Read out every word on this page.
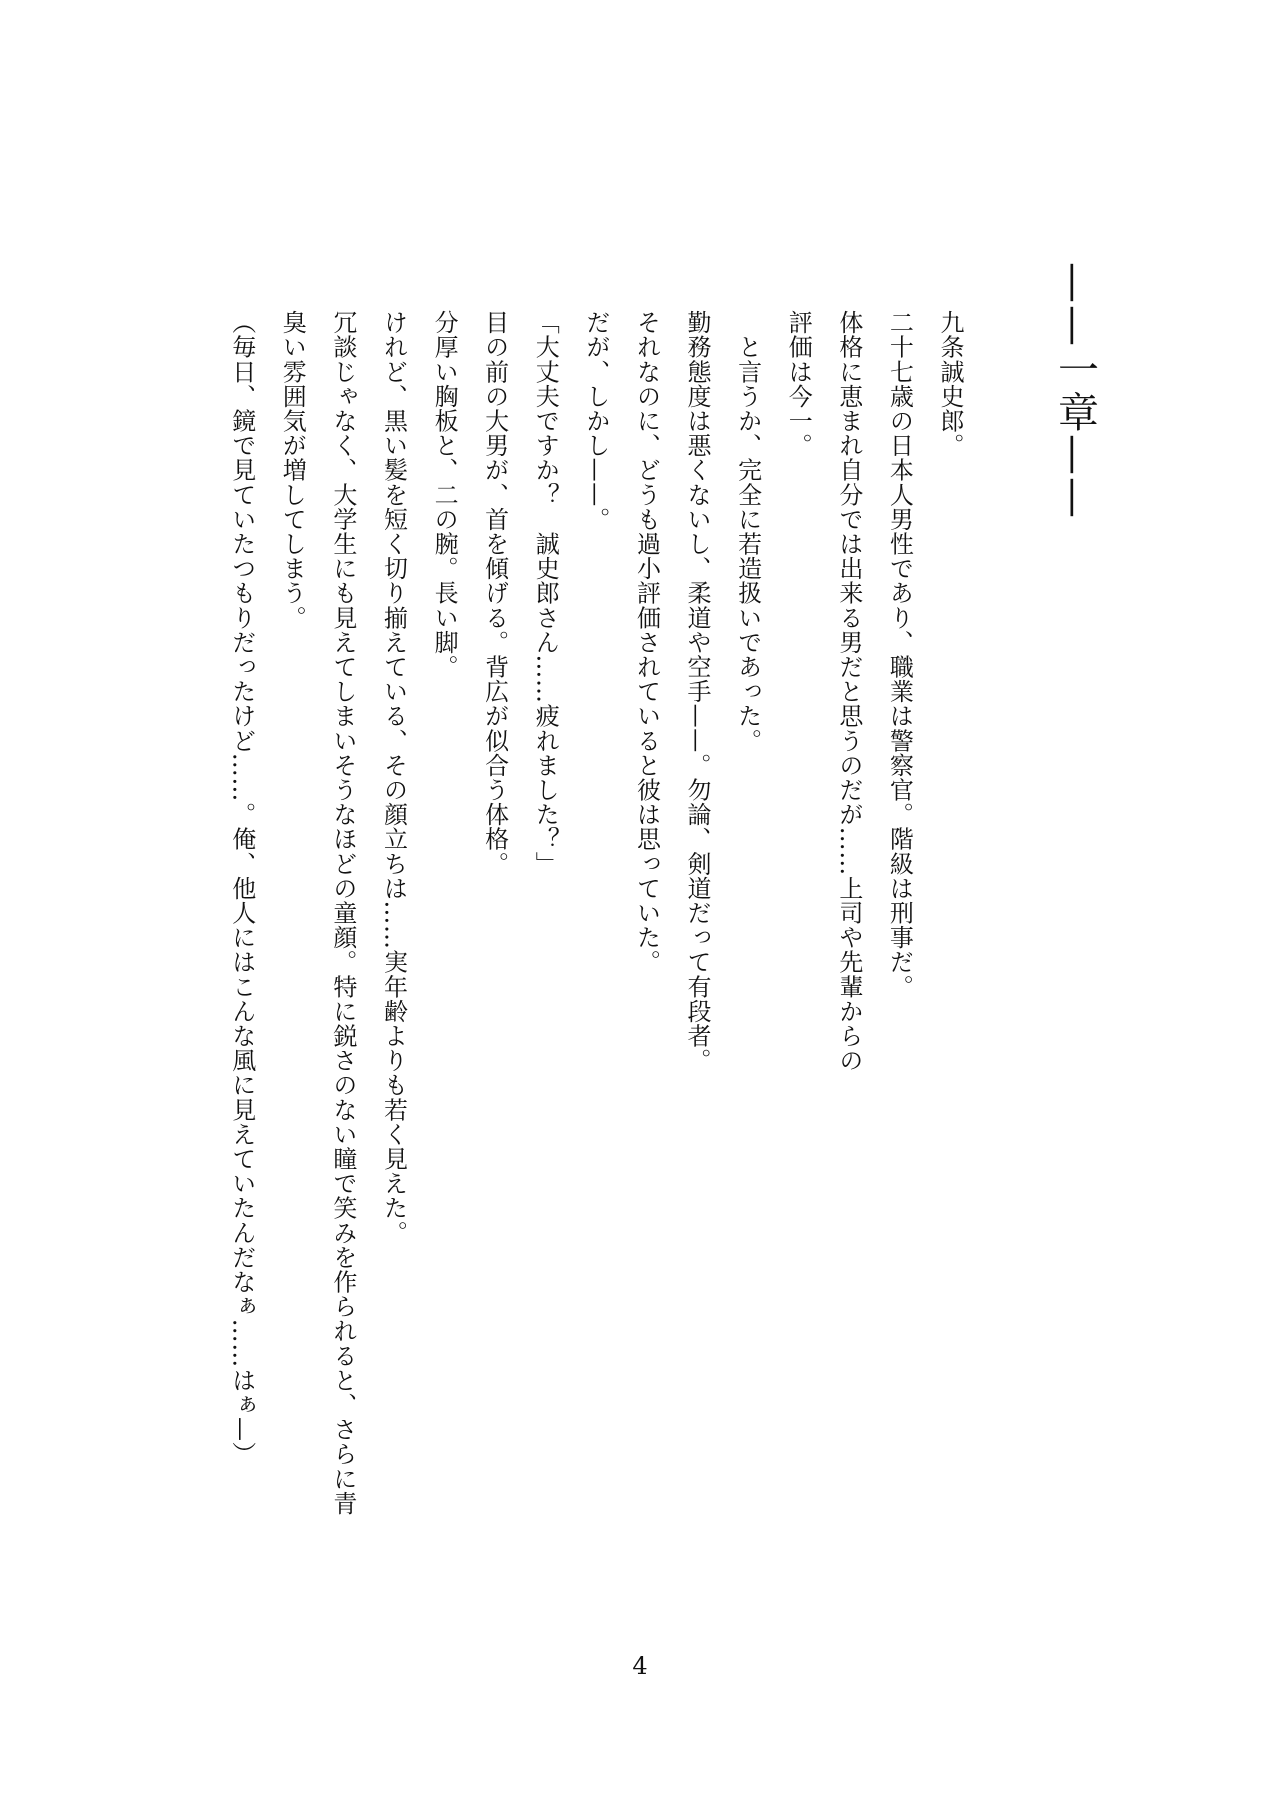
——一章——
九条誠史郎。
二十七歳の日本人男性であり、職業は警察官。階級は刑事だ。
体格に恵まれ自分では出来る男だと思うのだが……上司や先輩からの
評価は今一。
　と言うか、完全に若造扱いであった。
勤務態度は悪くないし、柔道や空手——。勿論、剣道だって有段者。
それなのに、どうも過小評価されていると彼は思っていた。
だが、しかし——。
「大丈夫ですか？　誠史郎さん……疲れました？」
目の前の大男が、首を傾げる。背広が似合う体格。
分厚い胸板と、二の腕。長い脚。
けれど、黒い髪を短く切り揃えている、その顔立ちは……実年齢よりも若く見えた。
冗談じゃなく、大学生にも見えてしまいそうなほどの童顔。特に鋭さのない瞳で笑みを作られると、さらに青
臭い雰囲気が増してしまう。
（毎日、鏡で見ていたつもりだったけど……。俺、他人にはこんな風に見えていたんだなぁ……はぁ—）
4
